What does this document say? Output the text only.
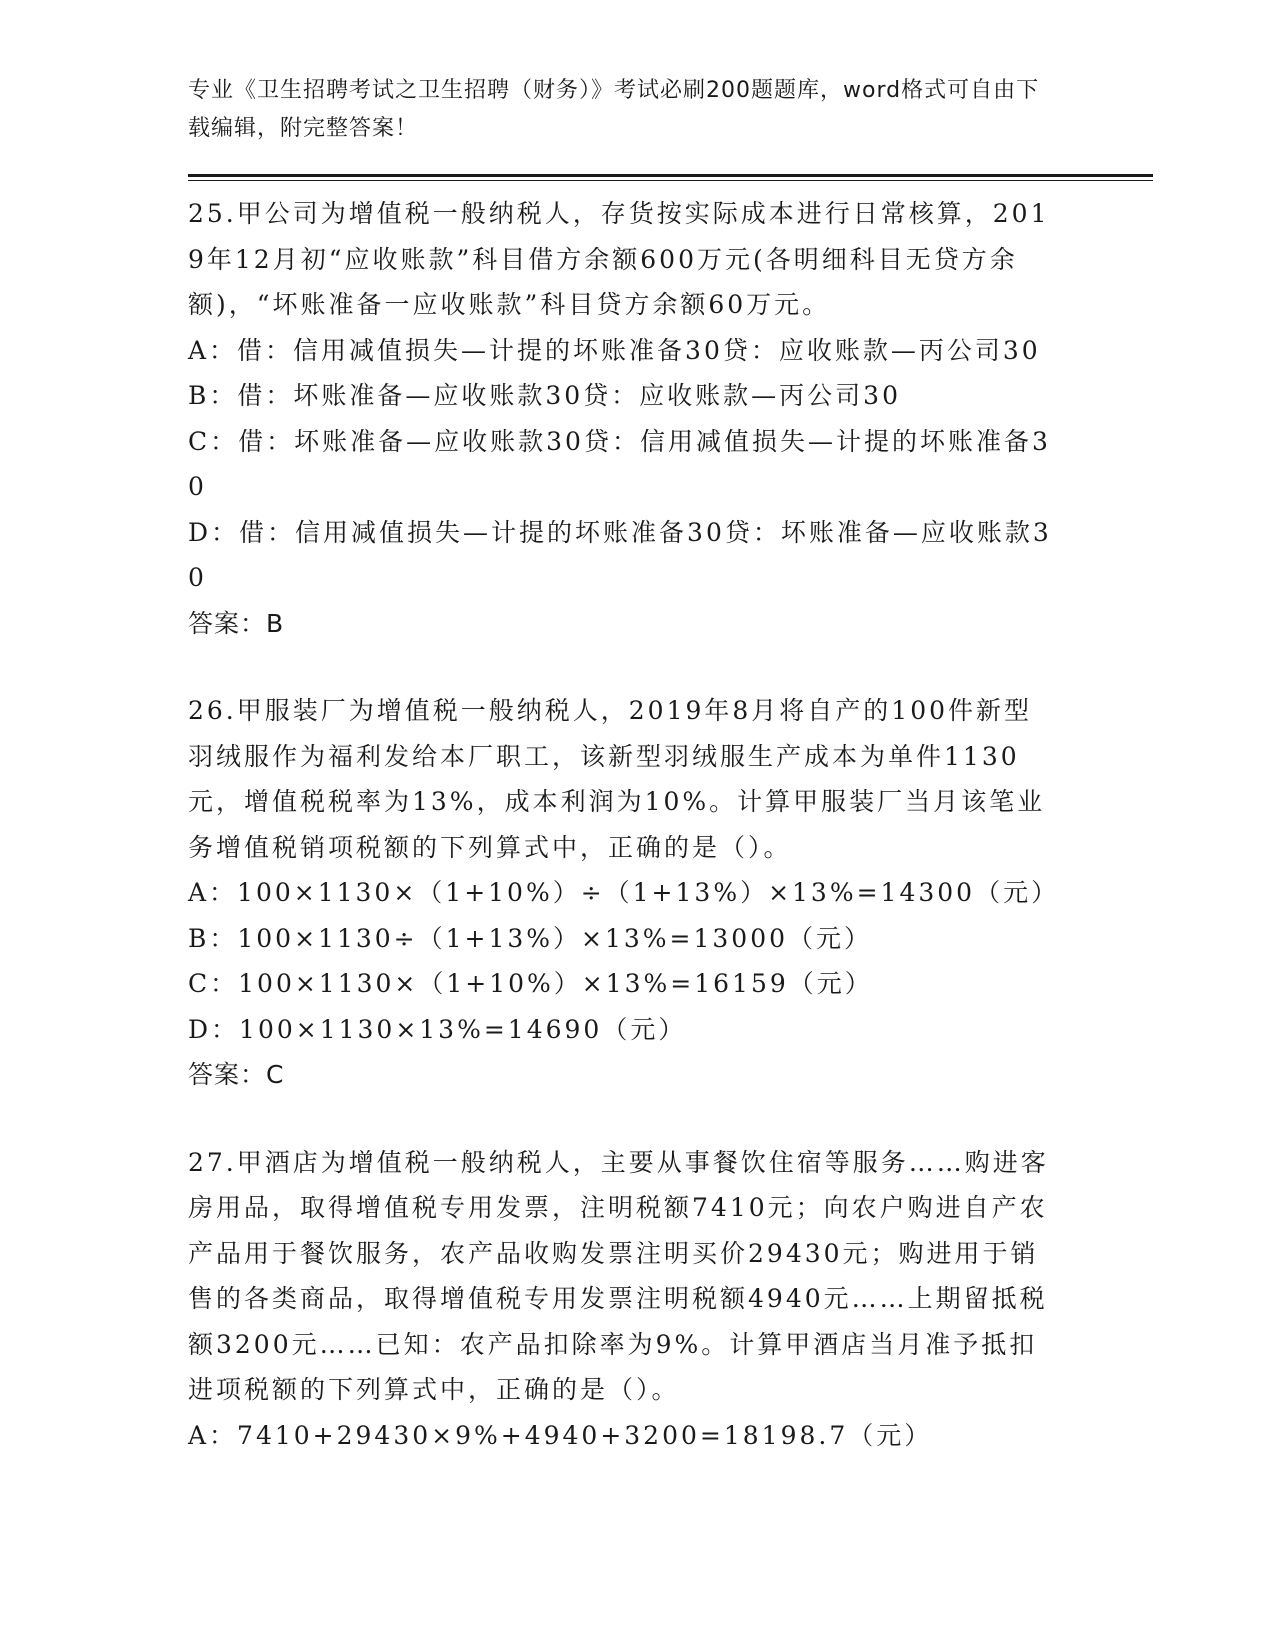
专业《卫生招聘考试之卫生招聘（财务）》考试必刷200题题库，word格式可自由下载编辑，附完整答案！
25.甲公司为增值税一般纳税人，存货按实际成本进行日常核算，2019年12月初“应收账款”科目借方余额600万元(各明细科目无贷方余额)，“坏账准备一应收账款”科目贷方余额60万元。
A：借：信用减值损失—计提的坏账准备30贷：应收账款—丙公司30
B：借：坏账准备—应收账款30贷：应收账款—丙公司30
C：借：坏账准备—应收账款30贷：信用减值损失—计提的坏账准备30
D：借：信用减值损失—计提的坏账准备30贷：坏账准备—应收账款30
答案：B
26.甲服装厂为增值税一般纳税人，2019年8月将自产的100件新型羽绒服作为福利发给本厂职工，该新型羽绒服生产成本为单件1130元，增值税税率为13%，成本利润为10%。计算甲服装厂当月该笔业务增值税销项税额的下列算式中，正确的是（）。
A：100×1130×（1+10%）÷（1+13%）×13%=14300（元）
B：100×1130÷（1+13%）×13%=13000（元）
C：100×1130×（1+10%）×13%=16159（元）
D：100×1130×13%=14690（元）
答案：C
27.甲酒店为增值税一般纳税人，主要从事餐饮住宿等服务……购进客房用品，取得增值税专用发票，注明税额7410元；向农户购进自产农产品用于餐饮服务，农产品收购发票注明买价29430元；购进用于销售的各类商品，取得增值税专用发票注明税额4940元……上期留抵税额3200元……已知：农产品扣除率为9%。计算甲酒店当月准予抵扣进项税额的下列算式中，正确的是（）。
A：7410+29430×9%+4940+3200=18198.7（元）
